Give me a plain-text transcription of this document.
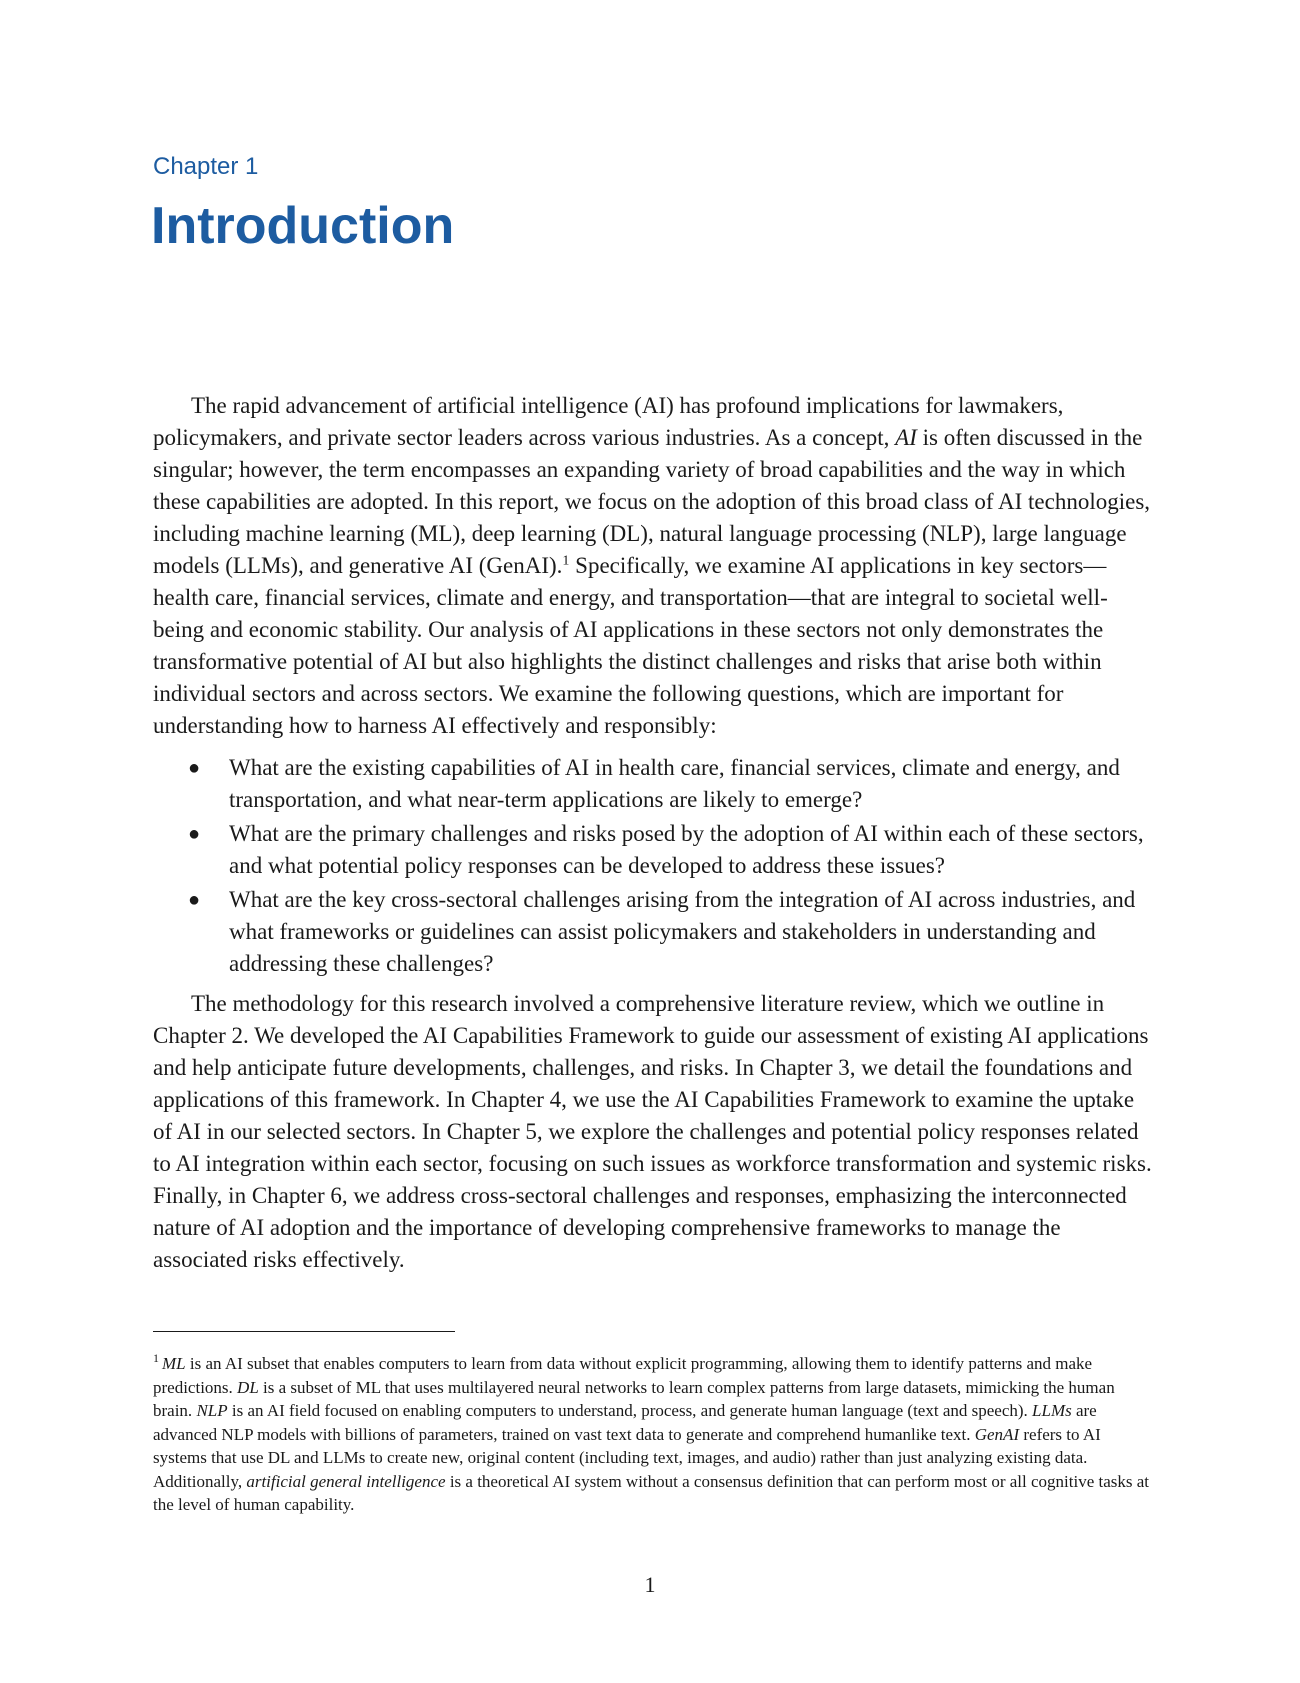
Chapter 1
Introduction

The rapid advancement of artificial intelligence (AI) has profound implications for lawmakers, policymakers, and private sector leaders across various industries. As a concept, AI is often discussed in the singular; however, the term encompasses an expanding variety of broad capabilities and the way in which these capabilities are adopted. In this report, we focus on the adoption of this broad class of AI technologies, including machine learning (ML), deep learning (DL), natural language processing (NLP), large language models (LLMs), and generative AI (GenAI).$^1$ Specifically, we examine AI applications in key sectors—health care, financial services, climate and energy, and transportation—that are integral to societal well-being and economic stability. Our analysis of AI applications in these sectors not only demonstrates the transformative potential of AI but also highlights the distinct challenges and risks that arise both within individual sectors and across sectors. We examine the following questions, which are important for understanding how to harness AI effectively and responsibly:

● What are the existing capabilities of AI in health care, financial services, climate and energy, and transportation, and what near-term applications are likely to emerge?
● What are the primary challenges and risks posed by the adoption of AI within each of these sectors, and what potential policy responses can be developed to address these issues?
● What are the key cross-sectoral challenges arising from the integration of AI across industries, and what frameworks or guidelines can assist policymakers and stakeholders in understanding and addressing these challenges?

The methodology for this research involved a comprehensive literature review, which we outline in Chapter 2. We developed the AI Capabilities Framework to guide our assessment of existing AI applications and help anticipate future developments, challenges, and risks. In Chapter 3, we detail the foundations and applications of this framework. In Chapter 4, we use the AI Capabilities Framework to examine the uptake of AI in our selected sectors. In Chapter 5, we explore the challenges and potential policy responses related to AI integration within each sector, focusing on such issues as workforce transformation and systemic risks. Finally, in Chapter 6, we address cross-sectoral challenges and responses, emphasizing the interconnected nature of AI adoption and the importance of developing comprehensive frameworks to manage the associated risks effectively.

$^1$ ML is an AI subset that enables computers to learn from data without explicit programming, allowing them to identify patterns and make predictions. DL is a subset of ML that uses multilayered neural networks to learn complex patterns from large datasets, mimicking the human brain. NLP is an AI field focused on enabling computers to understand, process, and generate human language (text and speech). LLMs are advanced NLP models with billions of parameters, trained on vast text data to generate and comprehend humanlike text. GenAI refers to AI systems that use DL and LLMs to create new, original content (including text, images, and audio) rather than just analyzing existing data. Additionally, artificial general intelligence is a theoretical AI system without a consensus definition that can perform most or all cognitive tasks at the level of human capability.
1
